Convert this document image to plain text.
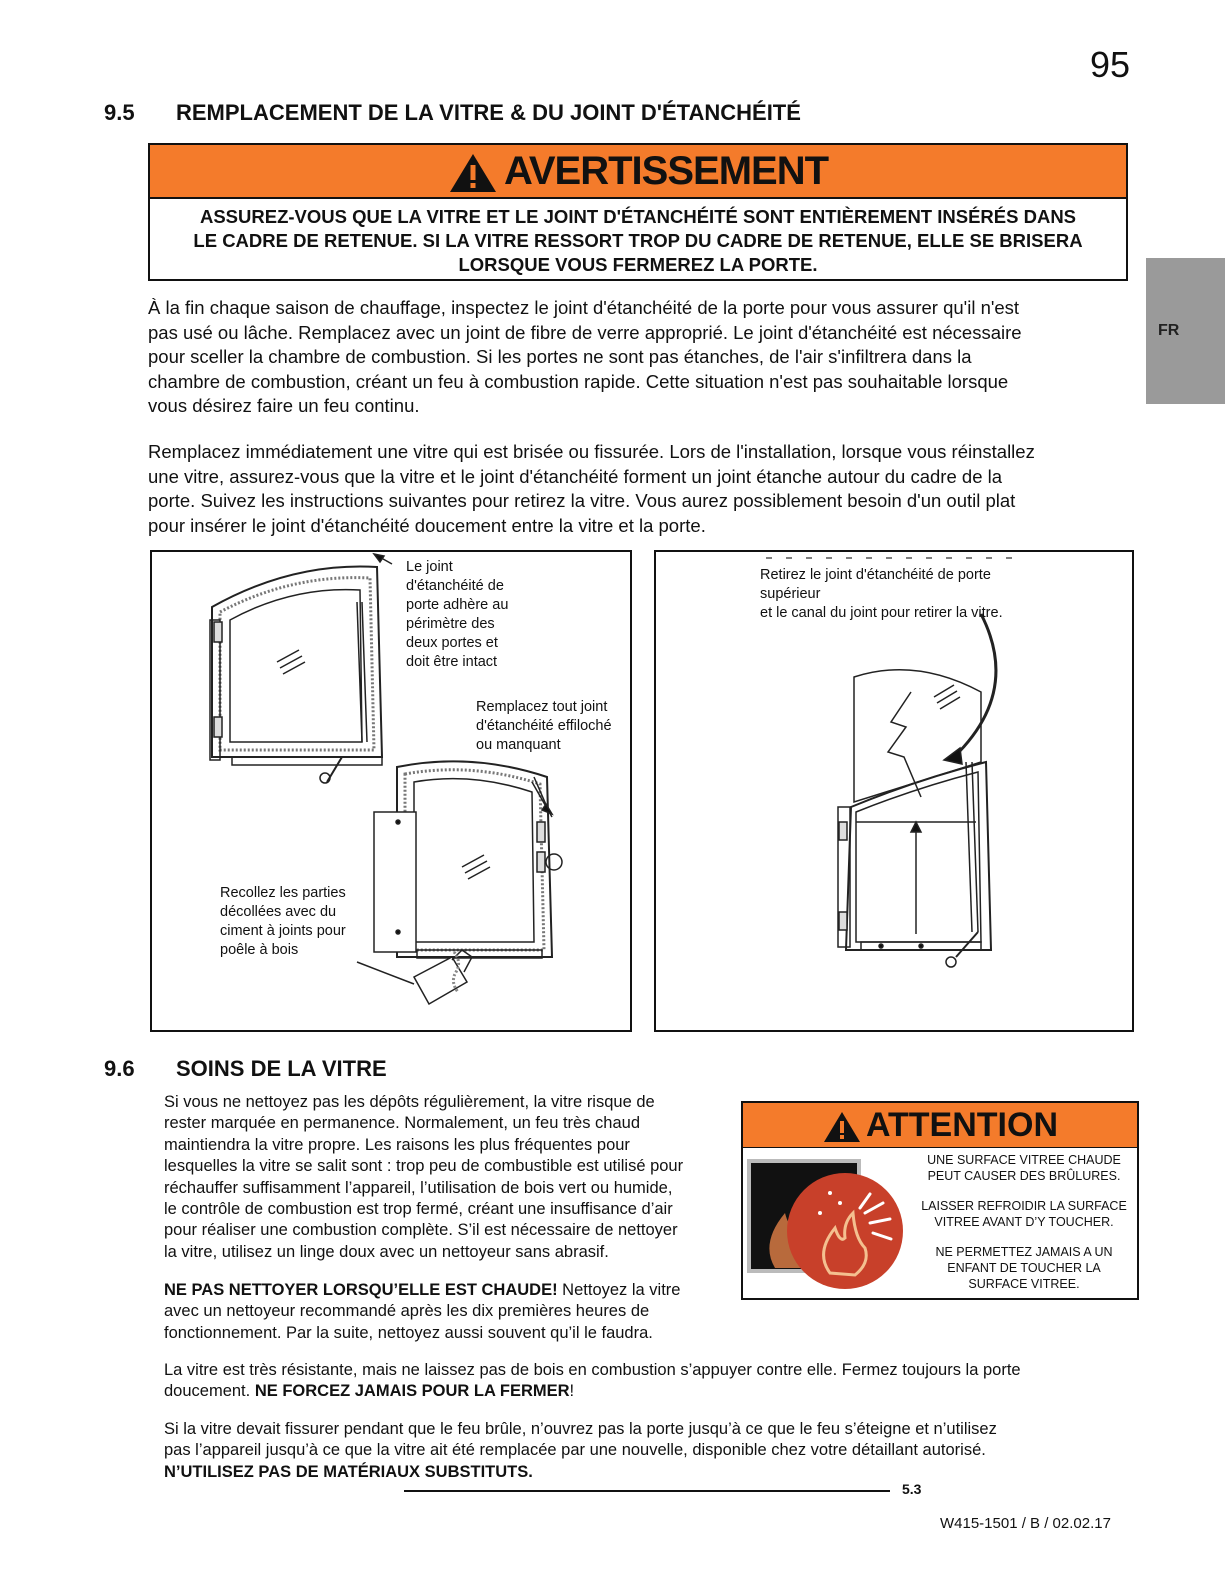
95
FR
9.5 REMPLACEMENT DE LA VITRE & DU JOINT D'ÉTANCHÉITÉ
AVERTISSEMENT
ASSUREZ-VOUS QUE LA VITRE ET LE JOINT D'ÉTANCHÉITÉ SONT ENTIÈREMENT INSÉRÉS DANS
LE CADRE DE RETENUE. SI LA VITRE RESSORT TROP DU CADRE DE RETENUE, ELLE SE BRISERA
LORSQUE VOUS FERMEREZ LA PORTE.
À la fin chaque saison de chauffage, inspectez le joint d'étanchéité de la porte pour vous assurer qu'il n'est
pas usé ou lâche. Remplacez avec un joint de fibre de verre approprié. Le joint d'étanchéité est nécessaire
pour sceller la chambre de combustion. Si les portes ne sont pas étanches, de l'air s'infiltrera dans la
chambre de combustion, créant un feu à combustion rapide. Cette situation n'est pas souhaitable lorsque
vous désirez faire un feu continu.
Remplacez immédiatement une vitre qui est brisée ou fissurée. Lors de l'installation, lorsque vous réinstallez
une vitre, assurez-vous que la vitre et le joint d'étanchéité forment un joint étanche autour du cadre de la
porte. Suivez les instructions suivantes pour retirez la vitre. Vous aurez possiblement besoin d'un outil plat
pour insérer le joint d'étanchéité doucement entre la vitre et la porte.
Le joint
d'étanchéité de
porte adhère au
périmètre des
deux portes et
doit être intact
Remplacez tout joint
d'étanchéité effiloché
ou manquant
Recollez les parties
décollées avec du
ciment à joints pour
poêle à bois
Retirez le joint d'étanchéité de porte
supérieur
et le canal du joint pour retirer la vitre.
9.6 SOINS DE LA VITRE
Si vous ne nettoyez pas les dépôts régulièrement, la vitre risque de
rester marquée en permanence. Normalement, un feu très chaud
maintiendra la vitre propre. Les raisons les plus fréquentes pour
lesquelles la vitre se salit sont : trop peu de combustible est utilisé pour
réchauffer suffisamment l’appareil, l’utilisation de bois vert ou humide,
le contrôle de combustion est trop fermé, créant une insuffisance d’air
pour réaliser une combustion complète. S’il est nécessaire de nettoyer
la vitre, utilisez un linge doux avec un nettoyeur sans abrasif.
NE PAS NETTOYER LORSQU’ELLE EST CHAUDE! Nettoyez la vitre
avec un nettoyeur recommandé après les dix premières heures de
fonctionnement. Par la suite, nettoyez aussi souvent qu’il le faudra.
ATTENTION
UNE SURFACE VITREE CHAUDE
PEUT CAUSER DES BRÛLURES.
LAISSER REFROIDIR LA SURFACE
VITREE AVANT D’Y TOUCHER.
NE PERMETTEZ JAMAIS A UN
ENFANT DE TOUCHER LA
SURFACE VITREE.
La vitre est très résistante, mais ne laissez pas de bois en combustion s’appuyer contre elle. Fermez toujours la porte
doucement. NE FORCEZ JAMAIS POUR LA FERMER!
Si la vitre devait fissurer pendant que le feu brûle, n’ouvrez pas la porte jusqu’à ce que le feu s’éteigne et n’utilisez
pas l’appareil jusqu’à ce que la vitre ait été remplacée par une nouvelle, disponible chez votre détaillant autorisé.
N’UTILISEZ PAS DE MATÉRIAUX SUBSTITUTS.
5.3
W415-1501 / B / 02.02.17
